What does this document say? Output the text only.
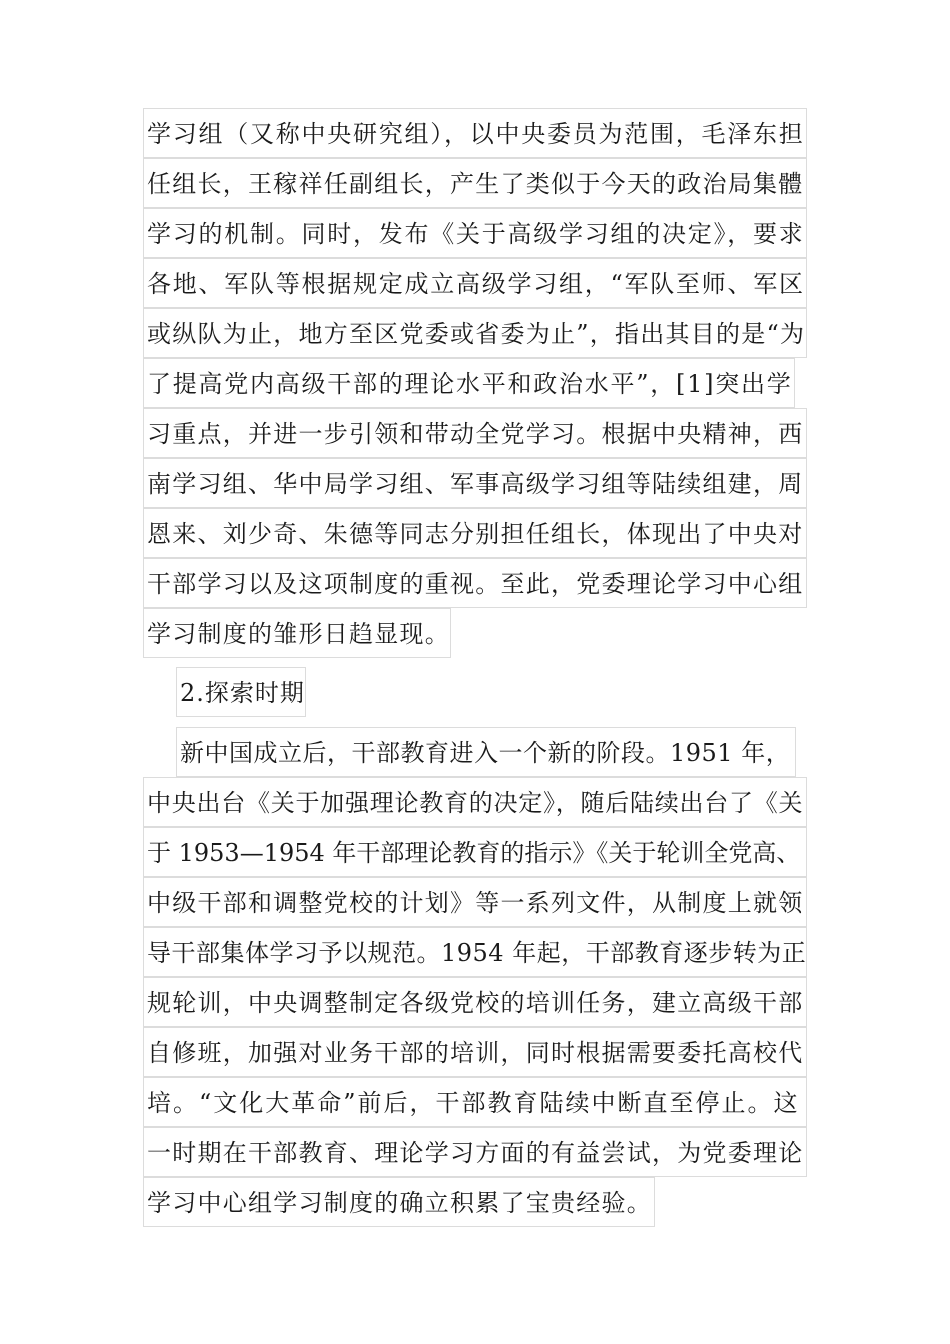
学习组（又称中央研究组），以中央委员为范围，毛泽东担
任组长，王稼祥任副组长，产生了类似于今天的政治局集體
学习的机制。同时，发布《关于高级学习组的决定》，要求
各地、军队等根据规定成立高级学习组，“军队至师、军区
或纵队为止，地方至区党委或省委为止”，指出其目的是“为
了提高党内高级干部的理论水平和政治水平”，[1]突出学
习重点，并进一步引领和带动全党学习。根据中央精神，西
南学习组、华中局学习组、军事高级学习组等陆续组建，周
恩来、刘少奇、朱德等同志分别担任组长，体现出了中央对
干部学习以及这项制度的重视。至此，党委理论学习中心组
学习制度的雏形日趋显现。
2.探索时期
新中国成立后，干部教育进入一个新的阶段。1951 年，
中央出台《关于加强理论教育的决定》，随后陆续出台了《关
于 1953—1954 年干部理论教育的指示》《关于轮训全党高、
中级干部和调整党校的计划》等一系列文件，从制度上就领
导干部集体学习予以规范。1954 年起，干部教育逐步转为正
规轮训，中央调整制定各级党校的培训任务，建立高级干部
自修班，加强对业务干部的培训，同时根据需要委托高校代
培。“文化大革命”前后，干部教育陆续中断直至停止。这
一时期在干部教育、理论学习方面的有益尝试，为党委理论
学习中心组学习制度的确立积累了宝贵经验。
